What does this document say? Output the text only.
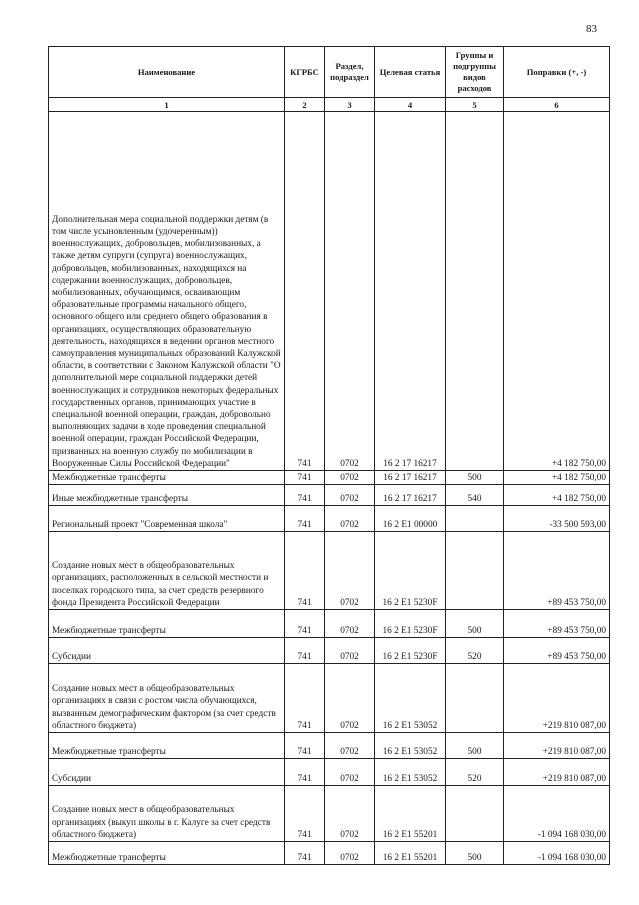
83
Наименование	КГРБС	Раздел, подраздел	Целевая статья	Группы и подгруппы видов расходов	Поправки (+, -)
1	2	3	4	5	6
Дополнительная мера социальной поддержки детям (в том числе усыновленным (удочеренным)) военнослужащих, добровольцев, мобилизованных, а также детям супруги (супруга) военнослужащих, добровольцев, мобилизованных, находящихся на содержании военнослужащих, добровольцев, мобилизованных, обучающимся, осваивающим образовательные программы начального общего, основного общего или среднего общего образования в организациях, осуществляющих образовательную деятельность, находящихся в ведении органов местного самоуправления муниципальных образований Калужской области, в соответствии с Законом Калужской области "О дополнительной мере социальной поддержки детей военнослужащих и сотрудников некоторых федеральных государственных органов, принимающих участие в специальной военной операции, граждан, добровольно выполняющих задачи в ходе проведения специальной военной операции, граждан Российской Федерации, призванных на военную службу по мобилизации в Вооруженные Силы Российской Федерации"	741	0702	16 2 17 16217		+4 182 750,00
Межбюджетные трансферты	741	0702	16 2 17 16217	500	+4 182 750,00
Иные межбюджетные трансферты	741	0702	16 2 17 16217	540	+4 182 750,00
Региональный проект "Современная школа"	741	0702	16 2 Е1 00000		-33 500 593,00
Создание новых мест в общеобразовательных организациях, расположенных в сельской местности и поселках городского типа, за счет средств резервного фонда Президента Российской Федерации	741	0702	16 2 Е1 5230F		+89 453 750,00
Межбюджетные трансферты	741	0702	16 2 Е1 5230F	500	+89 453 750,00
Субсидии	741	0702	16 2 Е1 5230F	520	+89 453 750,00
Создание новых мест в общеобразовательных организациях в связи с ростом числа обучающихся, вызванным демографическим фактором (за счет средств областного бюджета)	741	0702	16 2 Е1 53052		+219 810 087,00
Межбюджетные трансферты	741	0702	16 2 Е1 53052	500	+219 810 087,00
Субсидии	741	0702	16 2 Е1 53052	520	+219 810 087,00
Создание новых мест в общеобразовательных организациях (выкуп школы в г. Калуге за счет средств областного бюджета)	741	0702	16 2 Е1 55201		-1 094 168 030,00
Межбюджетные трансферты	741	0702	16 2 Е1 55201	500	-1 094 168 030,00
